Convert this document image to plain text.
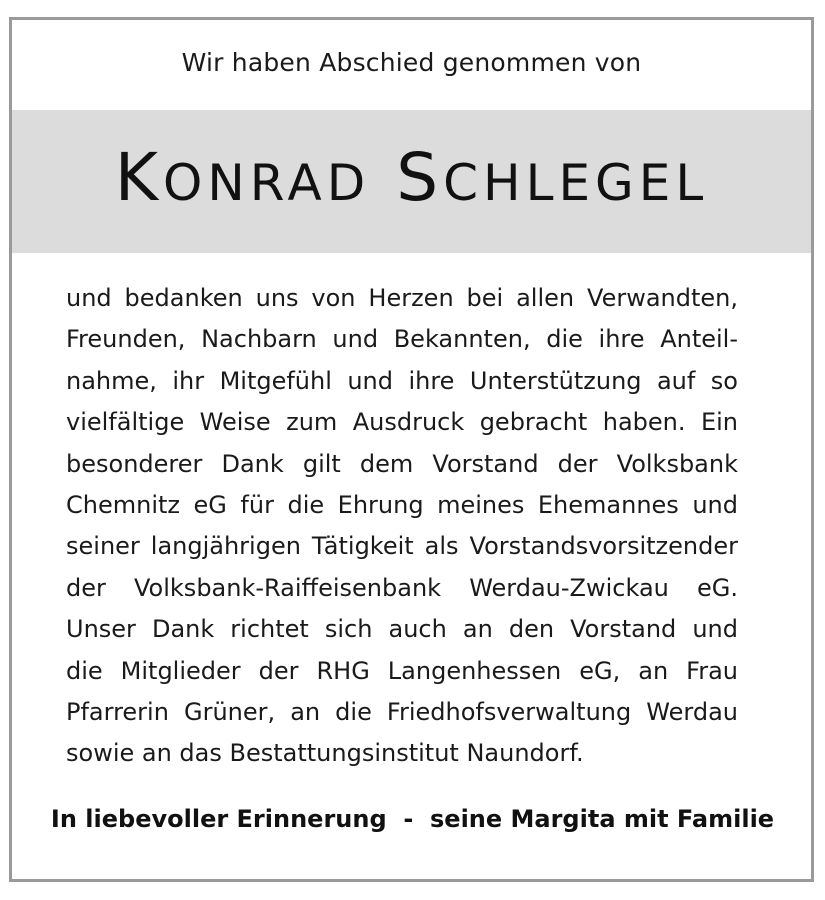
Wir haben Abschied genommen von
KONRAD SCHLEGEL
und bedanken uns von Herzen bei allen Verwandten,
Freunden, Nachbarn und Bekannten, die ihre Anteil-
nahme, ihr Mitgefühl und ihre Unterstützung auf so
vielfältige Weise zum Ausdruck gebracht haben. Ein
besonderer Dank gilt dem Vorstand der Volksbank
Chemnitz eG für die Ehrung meines Ehemannes und
seiner langjährigen Tätigkeit als Vorstandsvorsitzender
der Volksbank-Raiffeisenbank Werdau-Zwickau eG.
Unser Dank richtet sich auch an den Vorstand und
die Mitglieder der RHG Langenhessen eG, an Frau
Pfarrerin Grüner, an die Friedhofsverwaltung Werdau
sowie an das Bestattungsinstitut Naundorf.
In liebevoller Erinnerung  -  seine Margita mit Familie
